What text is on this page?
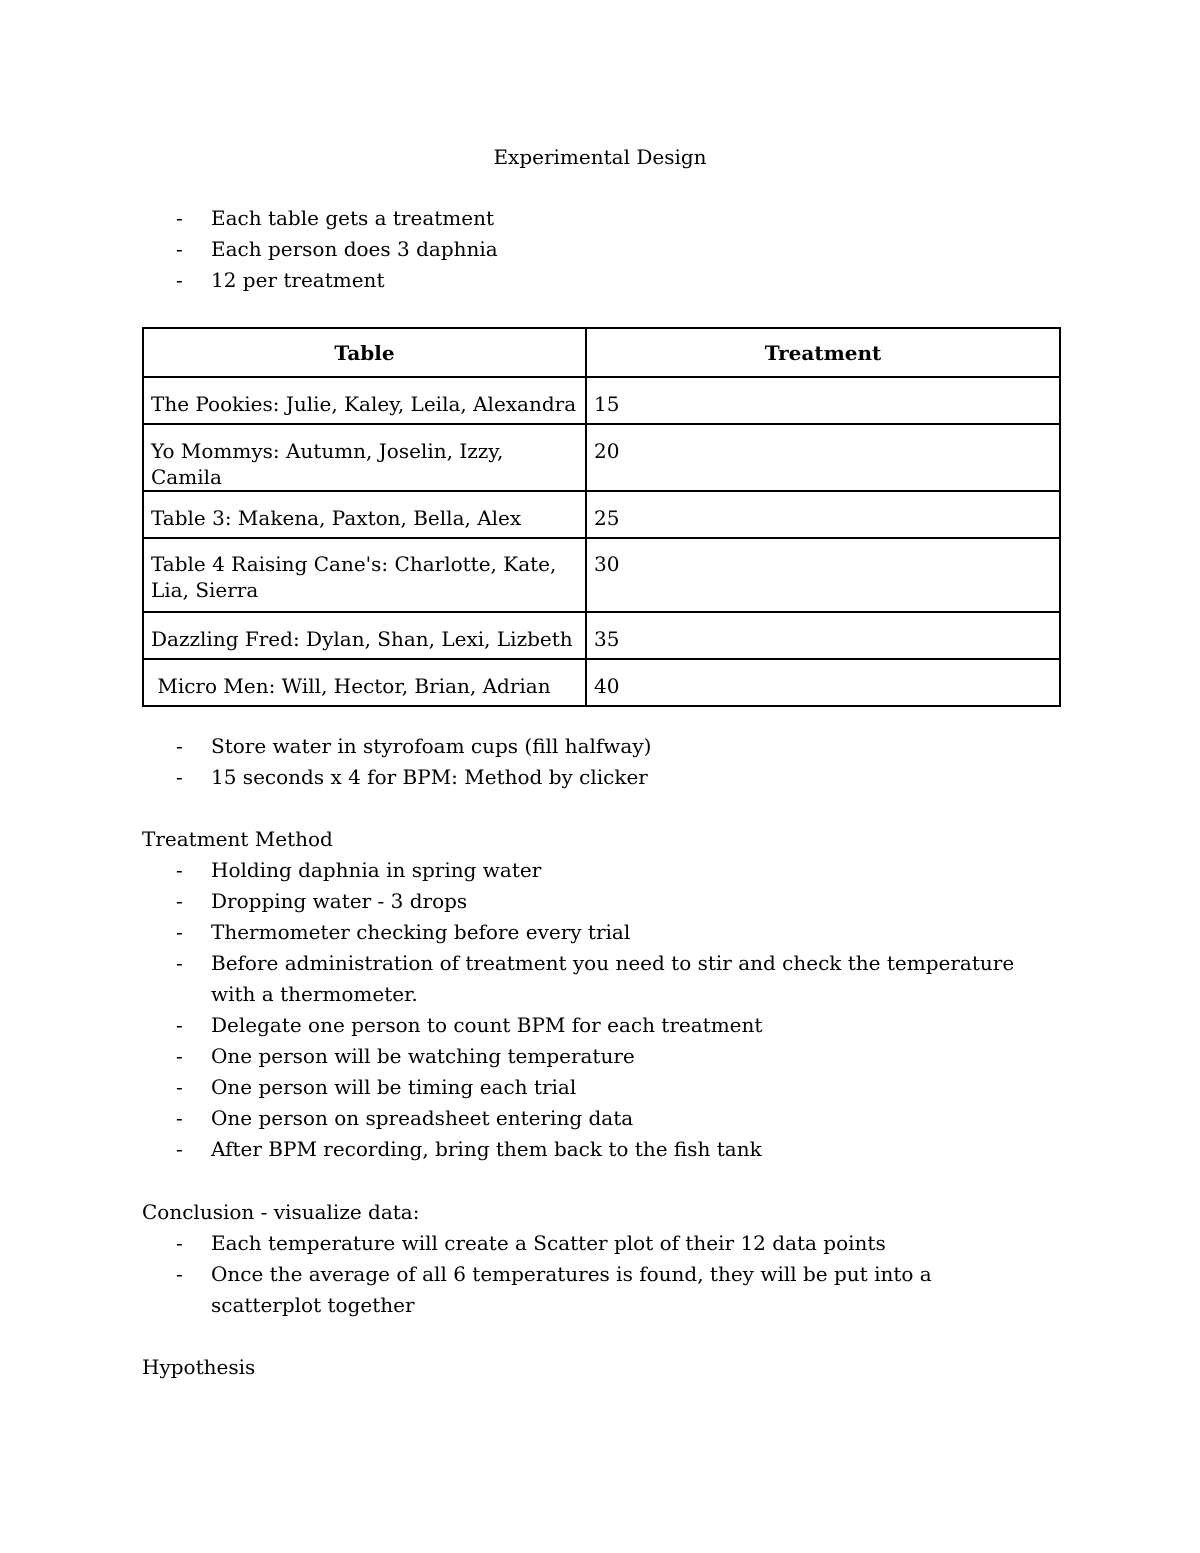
Experimental Design
- Each table gets a treatment
- Each person does 3 daphnia
- 12 per treatment
Table	Treatment
The Pookies: Julie, Kaley, Leila, Alexandra	15
Yo Mommys: Autumn, Joselin, Izzy, Camila	20
Table 3: Makena, Paxton, Bella, Alex	25
Table 4 Raising Cane's: Charlotte, Kate, Lia, Sierra	30
Dazzling Fred: Dylan, Shan, Lexi, Lizbeth	35
Micro Men: Will, Hector, Brian, Adrian	40
- Store water in styrofoam cups (fill halfway)
- 15 seconds x 4 for BPM: Method by clicker
Treatment Method
- Holding daphnia in spring water
- Dropping water - 3 drops
- Thermometer checking before every trial
- Before administration of treatment you need to stir and check the temperature with a thermometer.
- Delegate one person to count BPM for each treatment
- One person will be watching temperature
- One person will be timing each trial
- One person on spreadsheet entering data
- After BPM recording, bring them back to the fish tank
Conclusion - visualize data:
- Each temperature will create a Scatter plot of their 12 data points
- Once the average of all 6 temperatures is found, they will be put into a scatterplot together
Hypothesis
